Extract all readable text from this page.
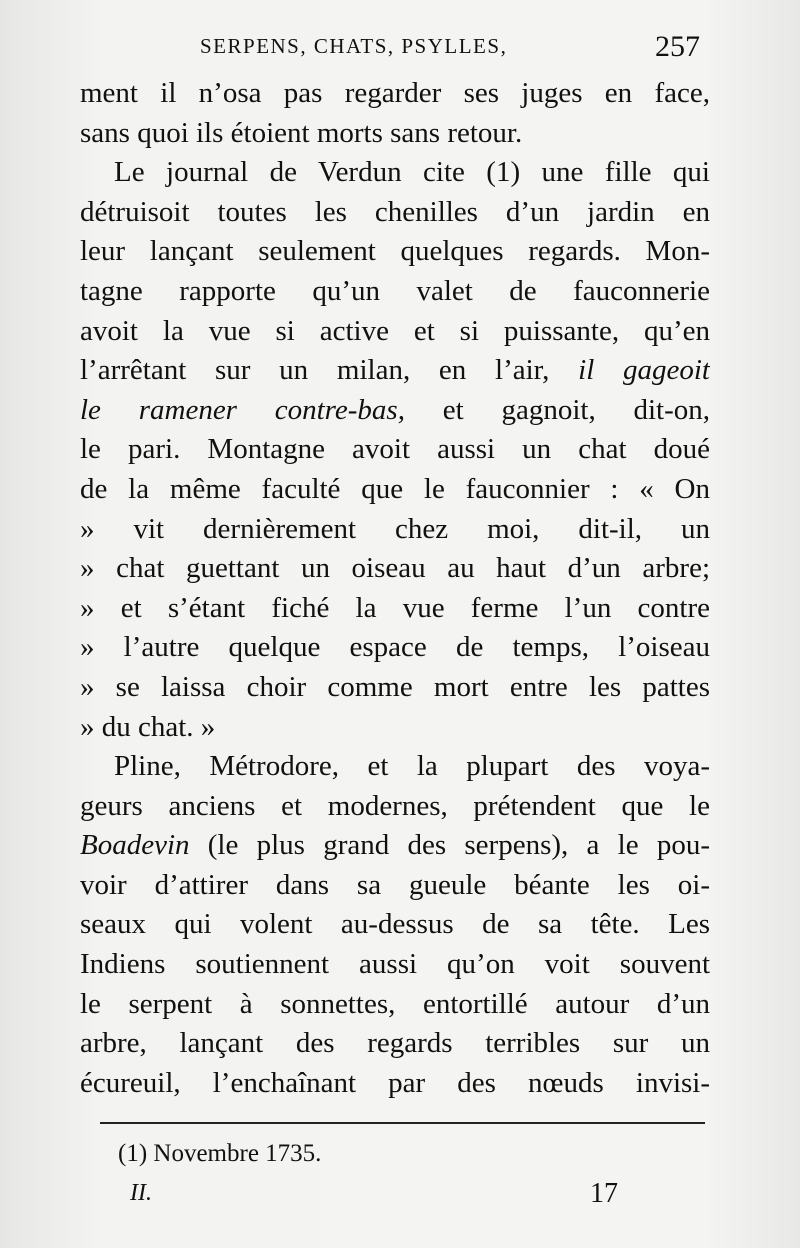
SERPENS, CHATS, PSYLLES,	257
ment il n’osa pas regarder ses juges en face,
sans quoi ils étoient morts sans retour.
Le journal de Verdun cite (1) une fille qui
détruisoit toutes les chenilles d’un jardin en
leur lançant seulement quelques regards. Mon-
tagne rapporte qu’un valet de fauconnerie
avoit la vue si active et si puissante, qu’en
l’arrêtant sur un milan, en l’air, il gageoit
le ramener contre-bas, et gagnoit, dit-on,
le pari. Montagne avoit aussi un chat doué
de la même faculté que le fauconnier : « On
» vit dernièrement chez moi, dit-il, un
» chat guettant un oiseau au haut d’un arbre;
» et s’étant fiché la vue ferme l’un contre
» l’autre quelque espace de temps, l’oiseau
» se laissa choir comme mort entre les pattes
» du chat. »
Pline, Métrodore, et la plupart des voya-
geurs anciens et modernes, prétendent que le
Boadevin (le plus grand des serpens), a le pou-
voir d’attirer dans sa gueule béante les oi-
seaux qui volent au-dessus de sa tête. Les
Indiens soutiennent aussi qu’on voit souvent
le serpent à sonnettes, entortillé autour d’un
arbre, lançant des regards terribles sur un
écureuil, l’enchaînant par des nœuds invisi-
(1) Novembre 1735.
II.	17
